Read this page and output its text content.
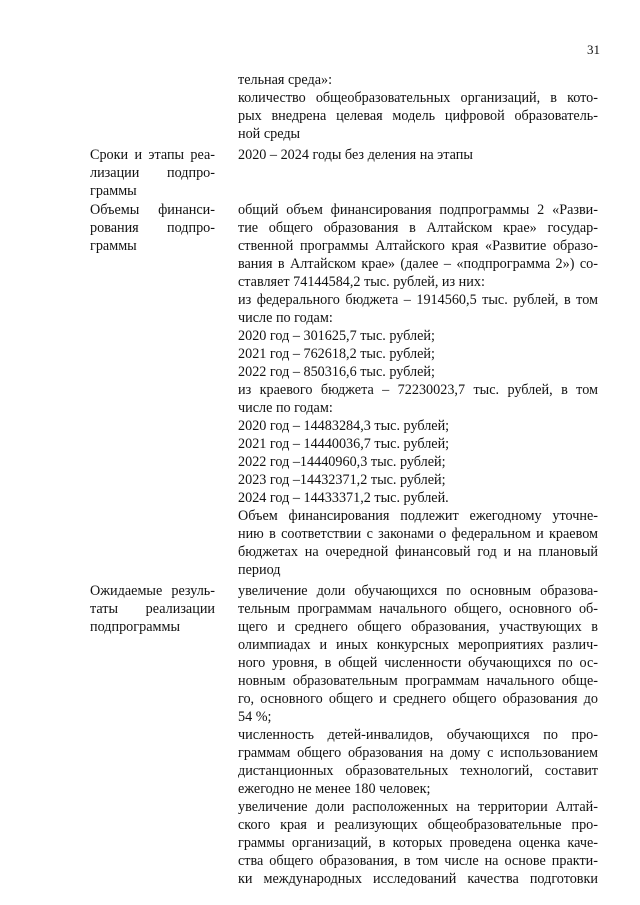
31
тельная среда»:
количество общеобразовательных организаций, в кото-
рых внедрена целевая модель цифровой образователь-
ной среды
Сроки и этапы реа-
лизации подпро-
граммы
2020 – 2024 годы без деления на этапы
Объемы финанси-
рования подпро-
граммы
общий объем финансирования подпрограммы 2 «Разви-
тие общего образования в Алтайском крае» государ-
ственной программы Алтайского края «Развитие образо-
вания в Алтайском крае» (далее – «подпрограмма 2») со-
ставляет 74144584,2 тыс. рублей, из них:
из федерального бюджета – 1914560,5 тыс. рублей, в том
числе по годам:
2020 год – 301625,7 тыс. рублей;
2021 год – 762618,2 тыс. рублей;
2022 год – 850316,6 тыс. рублей;
из краевого бюджета – 72230023,7 тыс. рублей, в том
числе по годам:
2020 год – 14483284,3 тыс. рублей;
2021 год – 14440036,7 тыс. рублей;
2022 год –14440960,3 тыс. рублей;
2023 год –14432371,2 тыс. рублей;
2024 год – 14433371,2 тыс. рублей.
Объем финансирования подлежит ежегодному уточне-
нию в соответствии с законами о федеральном и краевом
бюджетах на очередной финансовый год и на плановый
период
Ожидаемые резуль-
таты реализации
подпрограммы
увеличение доли обучающихся по основным образова-
тельным программам начального общего, основного об-
щего и среднего общего образования, участвующих в
олимпиадах и иных конкурсных мероприятиях различ-
ного уровня, в общей численности обучающихся по ос-
новным образовательным программам начального обще-
го, основного общего и среднего общего образования до
54 %;
численность детей-инвалидов, обучающихся по про-
граммам общего образования на дому с использованием
дистанционных образовательных технологий, составит
ежегодно не менее 180 человек;
увеличение доли расположенных на территории Алтай-
ского края и реализующих общеобразовательные про-
граммы организаций, в которых проведена оценка каче-
ства общего образования, в том числе на основе практи-
ки международных исследований качества подготовки
